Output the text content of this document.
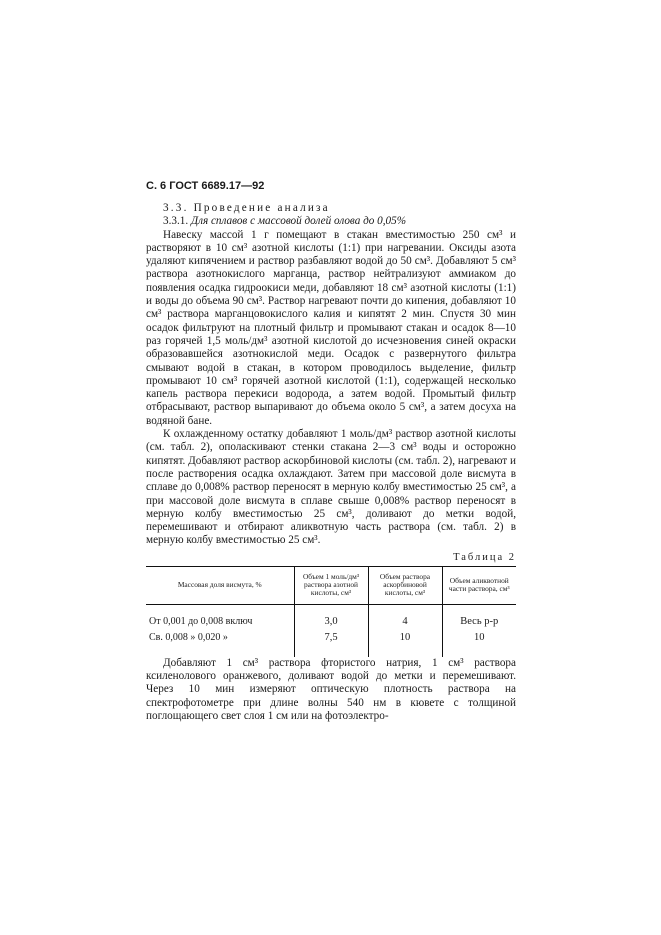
С. 6 ГОСТ 6689.17—92

3.3. Проведение анализа

3.3.1. Для сплавов с массовой долей олова до 0,05%

Навеску массой 1 г помещают в стакан вместимостью 250 см³ и растворяют в 10 см³ азотной кислоты (1:1) при нагревании. Оксиды азота удаляют кипячением и раствор разбавляют водой до 50 см³. Добавляют 5 см³ раствора азотнокислого марганца, раствор нейтрализуют аммиаком до появления осадка гидроокиси меди, добавляют 18 см³ азотной кислоты (1:1) и воды до объема 90 см³. Раствор нагревают почти до кипения, добавляют 10 см³ раствора марганцовокислого калия и кипятят 2 мин. Спустя 30 мин осадок фильтруют на плотный фильтр и промывают стакан и осадок 8—10 раз горячей 1,5 моль/дм³ азотной кислотой до исчезновения синей окраски образовавшейся азотнокислой меди. Осадок с развернутого фильтра смывают водой в стакан, в котором проводилось выделение, фильтр промывают 10 см³ горячей азотной кислотой (1:1), содержащей несколько капель раствора перекиси водорода, а затем водой. Промытый фильтр отбрасывают, раствор выпаривают до объема около 5 см³, а затем досуха на водяной бане.

К охлажденному остатку добавляют 1 моль/дм³ раствор азотной кислоты (см. табл. 2), ополаскивают стенки стакана 2—3 см³ воды и осторожно кипятят. Добавляют раствор аскорбиновой кислоты (см. табл. 2), нагревают и после растворения осадка охлаждают. Затем при массовой доле висмута в сплаве до 0,008% раствор переносят в мерную колбу вместимостью 25 см³, а при массовой доле висмута в сплаве свыше 0,008% раствор переносят в мерную колбу вместимостью 25 см³, доливают до метки водой, перемешивают и отбирают аликвотную часть раствора (см. табл. 2) в мерную колбу вместимостью 25 см³.

Таблица 2
Массовая доля висмута, %	Объем 1 моль/дм³ раствора азотной кислоты, см³	Объем раствора аскорбиновой кислоты, см³	Объем аликвотной части раствора, см³
От 0,001 до 0,008 включ	3,0	4	Весь р-р
Св. 0,008 » 0,020 »	7,5	10	10

Добавляют 1 см³ раствора фтористого натрия, 1 см³ раствора ксиленолового оранжевого, доливают водой до метки и перемешивают. Через 10 мин измеряют оптическую плотность раствора на спектрофотометре при длине волны 540 нм в кювете с толщиной поглощающего свет слоя 1 см или на фотоэлектро-
